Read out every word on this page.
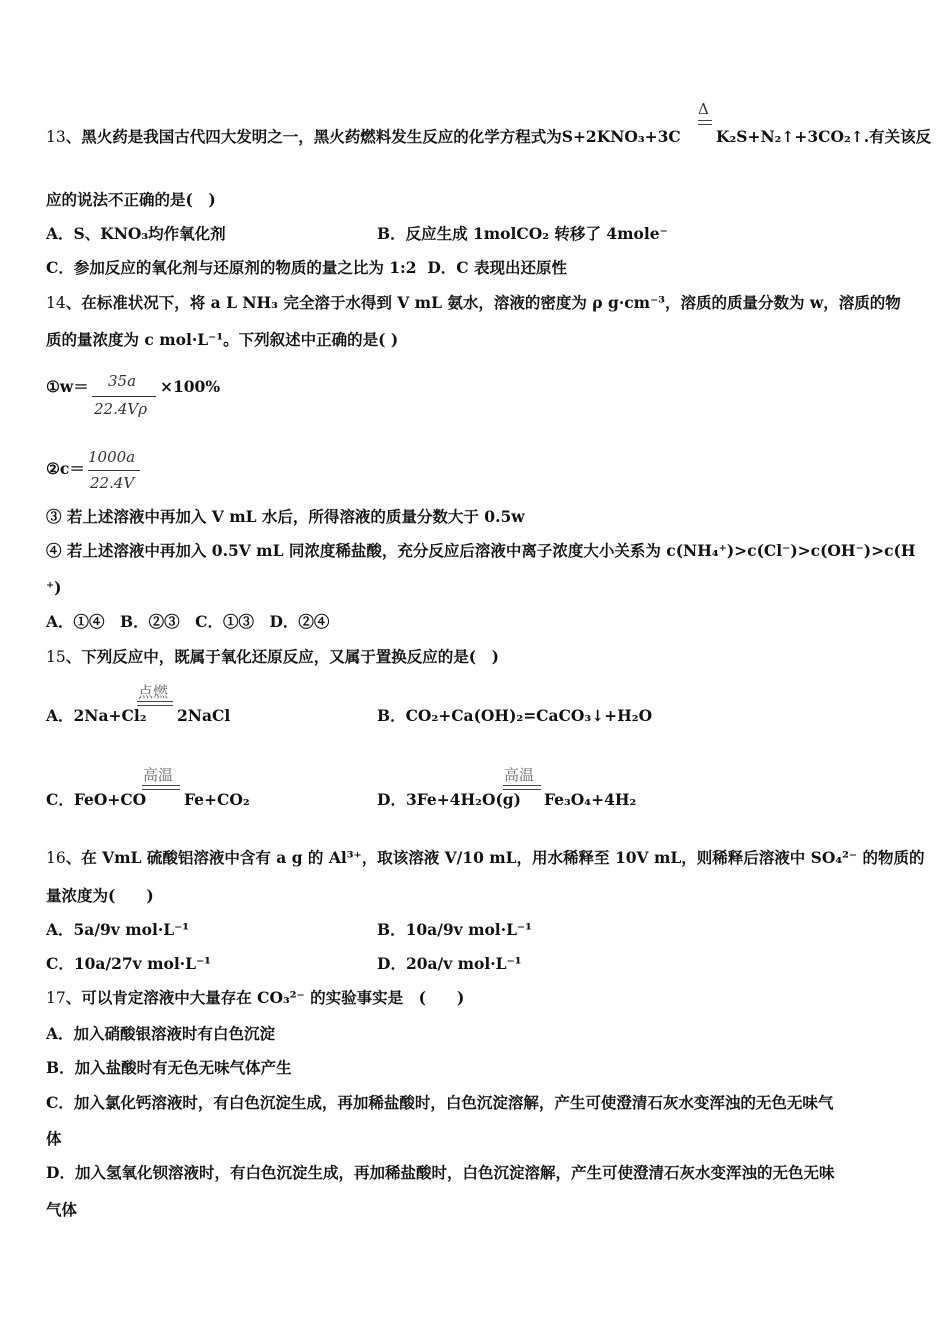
13、黑火药是我国古代四大发明之一，黑火药燃料发生反应的化学方程式为S+2KNO₃+3C
Δ
K₂S+N₂↑+3CO₂↑.有关该反
应的说法不正确的是(　)
A．S、KNO₃均作氧化剂	B．反应生成 1molCO₂ 转移了 4mole⁻
C．参加反应的氧化剂与还原剂的物质的量之比为 1:2 D．C 表现出还原性
14、在标准状况下，将 a L NH₃ 完全溶于水得到 V mL 氨水，溶液的密度为 ρ g·cm⁻³，溶质的质量分数为 w，溶质的物
质的量浓度为 c mol·L⁻¹。下列叙述中正确的是( )
①w＝ 35a
22.4Vρ
×100%
②c＝
1000a
22.4V
③ 若上述溶液中再加入 V mL 水后，所得溶液的质量分数大于 0.5w
④ 若上述溶液中再加入 0.5V mL 同浓度稀盐酸，充分反应后溶液中离子浓度大小关系为 c(NH₄⁺)>c(Cl⁻)>c(OH⁻)>c(H
⁺)
A．①④　B．②③　C．①③　D．②④
15、下列反应中，既属于氧化还原反应，又属于置换反应的是(　)
A．2Na+Cl₂
点燃
2NaCl	B．CO₂+Ca(OH)₂=CaCO₃↓+H₂O
C．FeO+CO
高温
Fe+CO₂	D．3Fe+4H₂O(g)
高温
Fe₃O₄+4H₂
16、在 VmL 硫酸铝溶液中含有 a g 的 Al³⁺，取该溶液 V/10 mL，用水稀释至 10V mL，则稀释后溶液中 SO₄²⁻ 的物质的
量浓度为(　　)
A．5a/9v mol·L⁻¹	B．10a/9v mol·L⁻¹
C．10a/27v mol·L⁻¹	D．20a/v mol·L⁻¹
17、可以肯定溶液中大量存在 CO₃²⁻ 的实验事实是　(　　)
A．加入硝酸银溶液时有白色沉淀
B．加入盐酸时有无色无味气体产生
C．加入氯化钙溶液时，有白色沉淀生成，再加稀盐酸时，白色沉淀溶解，产生可使澄清石灰水变浑浊的无色无味气
体
D．加入氢氧化钡溶液时，有白色沉淀生成，再加稀盐酸时，白色沉淀溶解，产生可使澄清石灰水变浑浊的无色无味
气体
